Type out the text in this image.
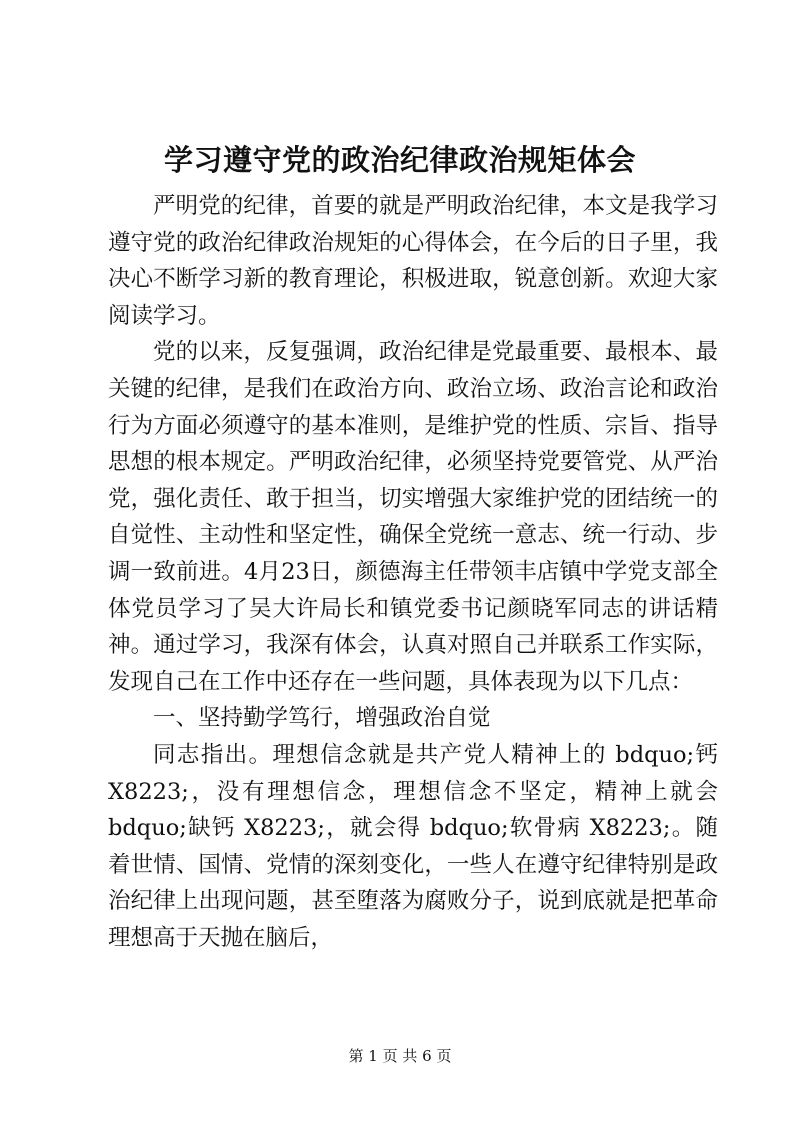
学习遵守党的政治纪律政治规矩体会

严明党的纪律，首要的就是严明政治纪律，本文是我学习遵守党的政治纪律政治规矩的心得体会，在今后的日子里，我决心不断学习新的教育理论，积极进取，锐意创新。欢迎大家阅读学习。

党的以来，反复强调，政治纪律是党最重要、最根本、最关键的纪律，是我们在政治方向、政治立场、政治言论和政治行为方面必须遵守的基本准则，是维护党的性质、宗旨、指导思想的根本规定。严明政治纪律，必须坚持党要管党、从严治党，强化责任、敢于担当，切实增强大家维护党的团结统一的自觉性、主动性和坚定性，确保全党统一意志、统一行动、步调一致前进。4月23日，颜德海主任带领丰店镇中学党支部全体党员学习了吴大许局长和镇党委书记颜晓军同志的讲话精神。通过学习，我深有体会，认真对照自己并联系工作实际，发现自己在工作中还存在一些问题，具体表现为以下几点：

一、坚持勤学笃行，增强政治自觉

同志指出。理想信念就是共产党人精神上的 bdquo;钙 X8223;，没有理想信念，理想信念不坚定，精神上就会 bdquo;缺钙 X8223;，就会得 bdquo;软骨病 X8223;。随着世情、国情、党情的深刻变化，一些人在遵守纪律特别是政治纪律上出现问题，甚至堕落为腐败分子，说到底就是把革命理想高于天抛在脑后，

第 1 页 共 6 页
